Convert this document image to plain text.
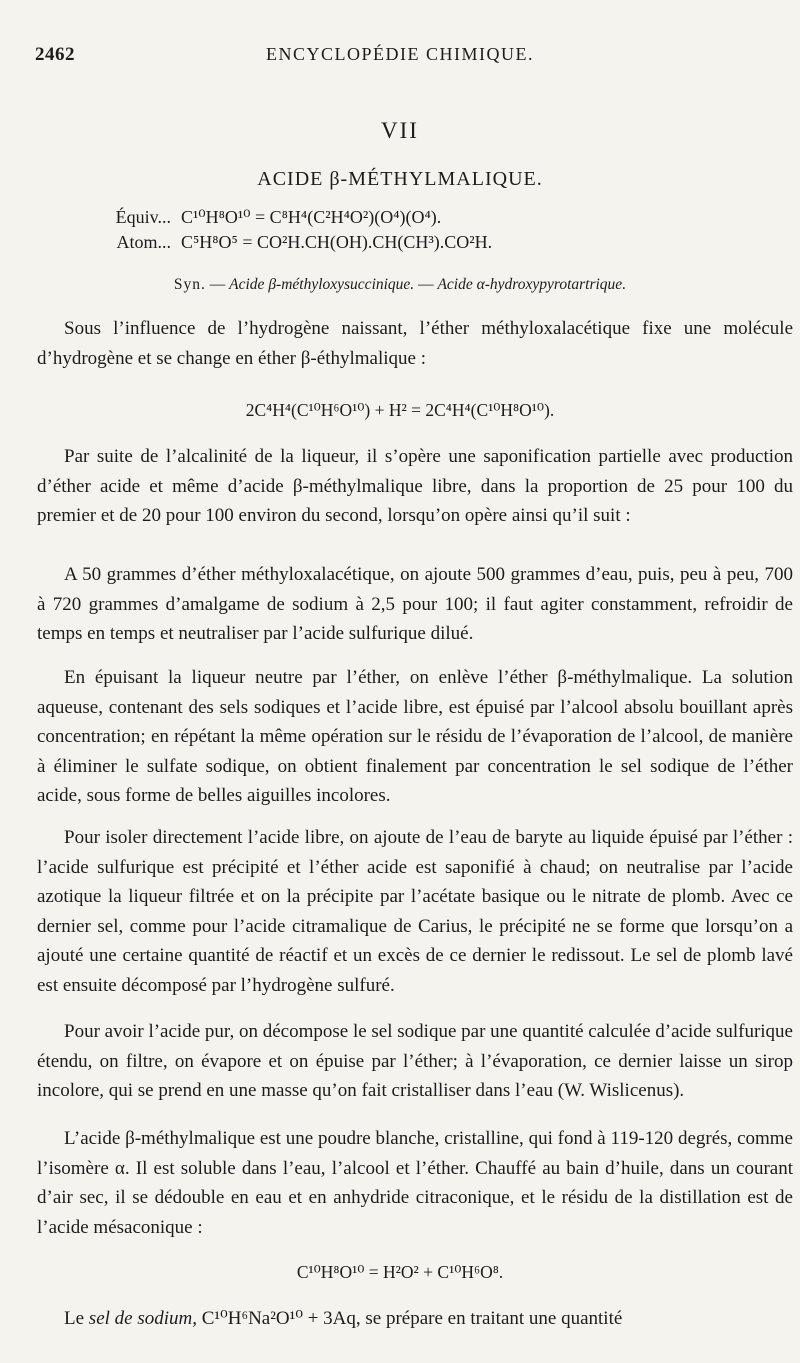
2462	ENCYCLOPÉDIE CHIMIQUE.
VII
ACIDE β-MÉTHYLMALIQUE.
Équiv... C¹⁰H⁸O¹⁰ = C⁸H⁴(C²H⁴O²)(O⁴)(O⁴).
Atom... C⁵H⁸O⁵ = CO²H.CH(OH).CH(CH³).CO²H.
Syn. — Acide β-méthyloxysuccinique. — Acide α-hydroxypyrotartrique.

Sous l’influence de l’hydrogène naissant, l’éther méthyloxalacétique fixe une molécule d’hydrogène et se change en éther β-éthylmalique :

2C⁴H⁴(C¹⁰H⁶O¹⁰) + H² = 2C⁴H⁴(C¹⁰H⁸O¹⁰).

Par suite de l’alcalinité de la liqueur, il s’opère une saponification partielle avec production d’éther acide et même d’acide β-méthylmalique libre, dans la proportion de 25 pour 100 du premier et de 20 pour 100 environ du second, lorsqu’on opère ainsi qu’il suit :

A 50 grammes d’éther méthyloxalacétique, on ajoute 500 grammes d’eau, puis, peu à peu, 700 à 720 grammes d’amalgame de sodium à 2,5 pour 100; il faut agiter constamment, refroidir de temps en temps et neutraliser par l’acide sulfurique dilué.

En épuisant la liqueur neutre par l’éther, on enlève l’éther β-méthylmalique. La solution aqueuse, contenant des sels sodiques et l’acide libre, est épuisé par l’alcool absolu bouillant après concentration; en répétant la même opération sur le résidu de l’évaporation de l’alcool, de manière à éliminer le sulfate sodique, on obtient finalement par concentration le sel sodique de l’éther acide, sous forme de belles aiguilles incolores.

Pour isoler directement l’acide libre, on ajoute de l’eau de baryte au liquide épuisé par l’éther : l’acide sulfurique est précipité et l’éther acide est saponifié à chaud; on neutralise par l’acide azotique la liqueur filtrée et on la précipite par l’acétate basique ou le nitrate de plomb. Avec ce dernier sel, comme pour l’acide citramalique de Carius, le précipité ne se forme que lorsqu’on a ajouté une certaine quantité de réactif et un excès de ce dernier le redissout. Le sel de plomb lavé est ensuite décomposé par l’hydrogène sulfuré.

Pour avoir l’acide pur, on décompose le sel sodique par une quantité calculée d’acide sulfurique étendu, on filtre, on évapore et on épuise par l’éther; à l’évaporation, ce dernier laisse un sirop incolore, qui se prend en une masse qu’on fait cristalliser dans l’eau (W. Wislicenus).

L’acide β-méthylmalique est une poudre blanche, cristalline, qui fond à 119-120 degrés, comme l’isomère α. Il est soluble dans l’eau, l’alcool et l’éther. Chauffé au bain d’huile, dans un courant d’air sec, il se dédouble en eau et en anhydride citraconique, et le résidu de la distillation est de l’acide mésaconique :

C¹⁰H⁸O¹⁰ = H²O² + C¹⁰H⁶O⁸.

Le sel de sodium, C¹⁰H⁶Na²O¹⁰ + 3Aq, se prépare en traitant une quantité
